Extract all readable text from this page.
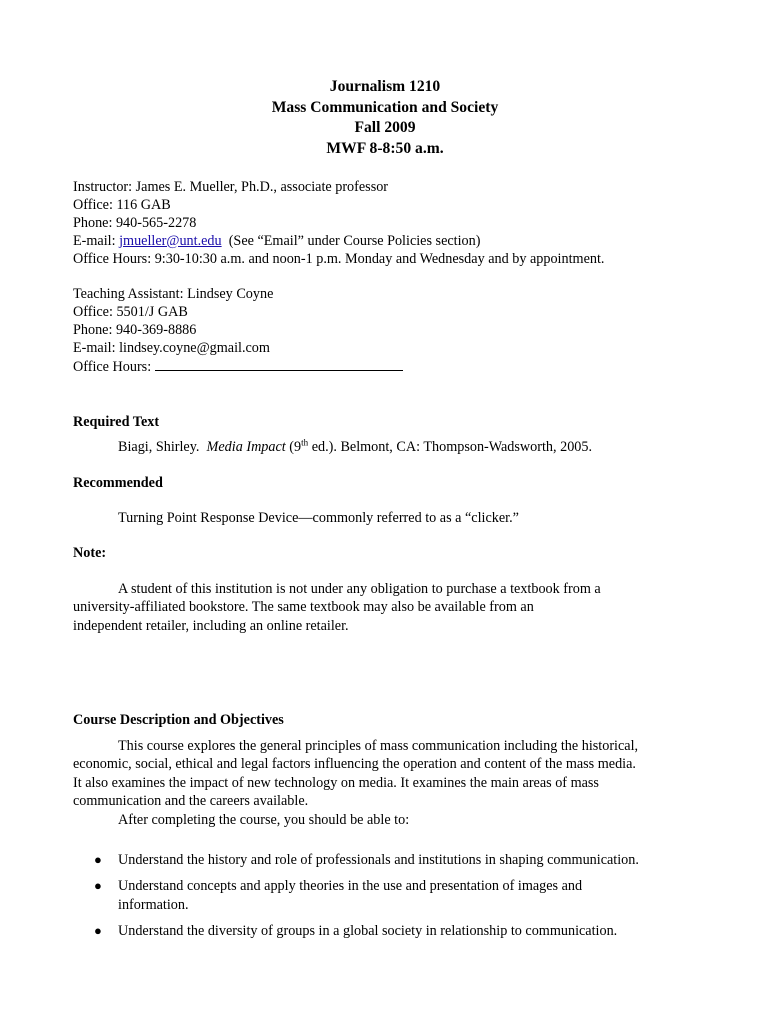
Journalism 1210
Mass Communication and Society
Fall 2009
MWF 8-8:50 a.m.
Instructor: James E. Mueller, Ph.D., associate professor
Office: 116 GAB
Phone: 940-565-2278
E-mail: jmueller@unt.edu  (See “Email” under Course Policies section)
Office Hours: 9:30-10:30 a.m. and noon-1 p.m. Monday and Wednesday and by appointment.
Teaching Assistant: Lindsey Coyne
Office: 5501/J GAB
Phone: 940-369-8886
E-mail: lindsey.coyne@gmail.com
Office Hours:
Required Text
Biagi, Shirley.  Media Impact (9th ed.). Belmont, CA: Thompson-Wadsworth, 2005.
Recommended
Turning Point Response Device—commonly referred to as a “clicker.”
Note:
A student of this institution is not under any obligation to purchase a textbook from a
university-affiliated bookstore. The same textbook may also be available from an
independent retailer, including an online retailer.
Course Description and Objectives
This course explores the general principles of mass communication including the historical,
economic, social, ethical and legal factors influencing the operation and content of the mass media.
It also examines the impact of new technology on media. It examines the main areas of mass
communication and the careers available.
After completing the course, you should be able to:
● Understand the history and role of professionals and institutions in shaping communication.
● Understand concepts and apply theories in the use and presentation of images and
information.
● Understand the diversity of groups in a global society in relationship to communication.
